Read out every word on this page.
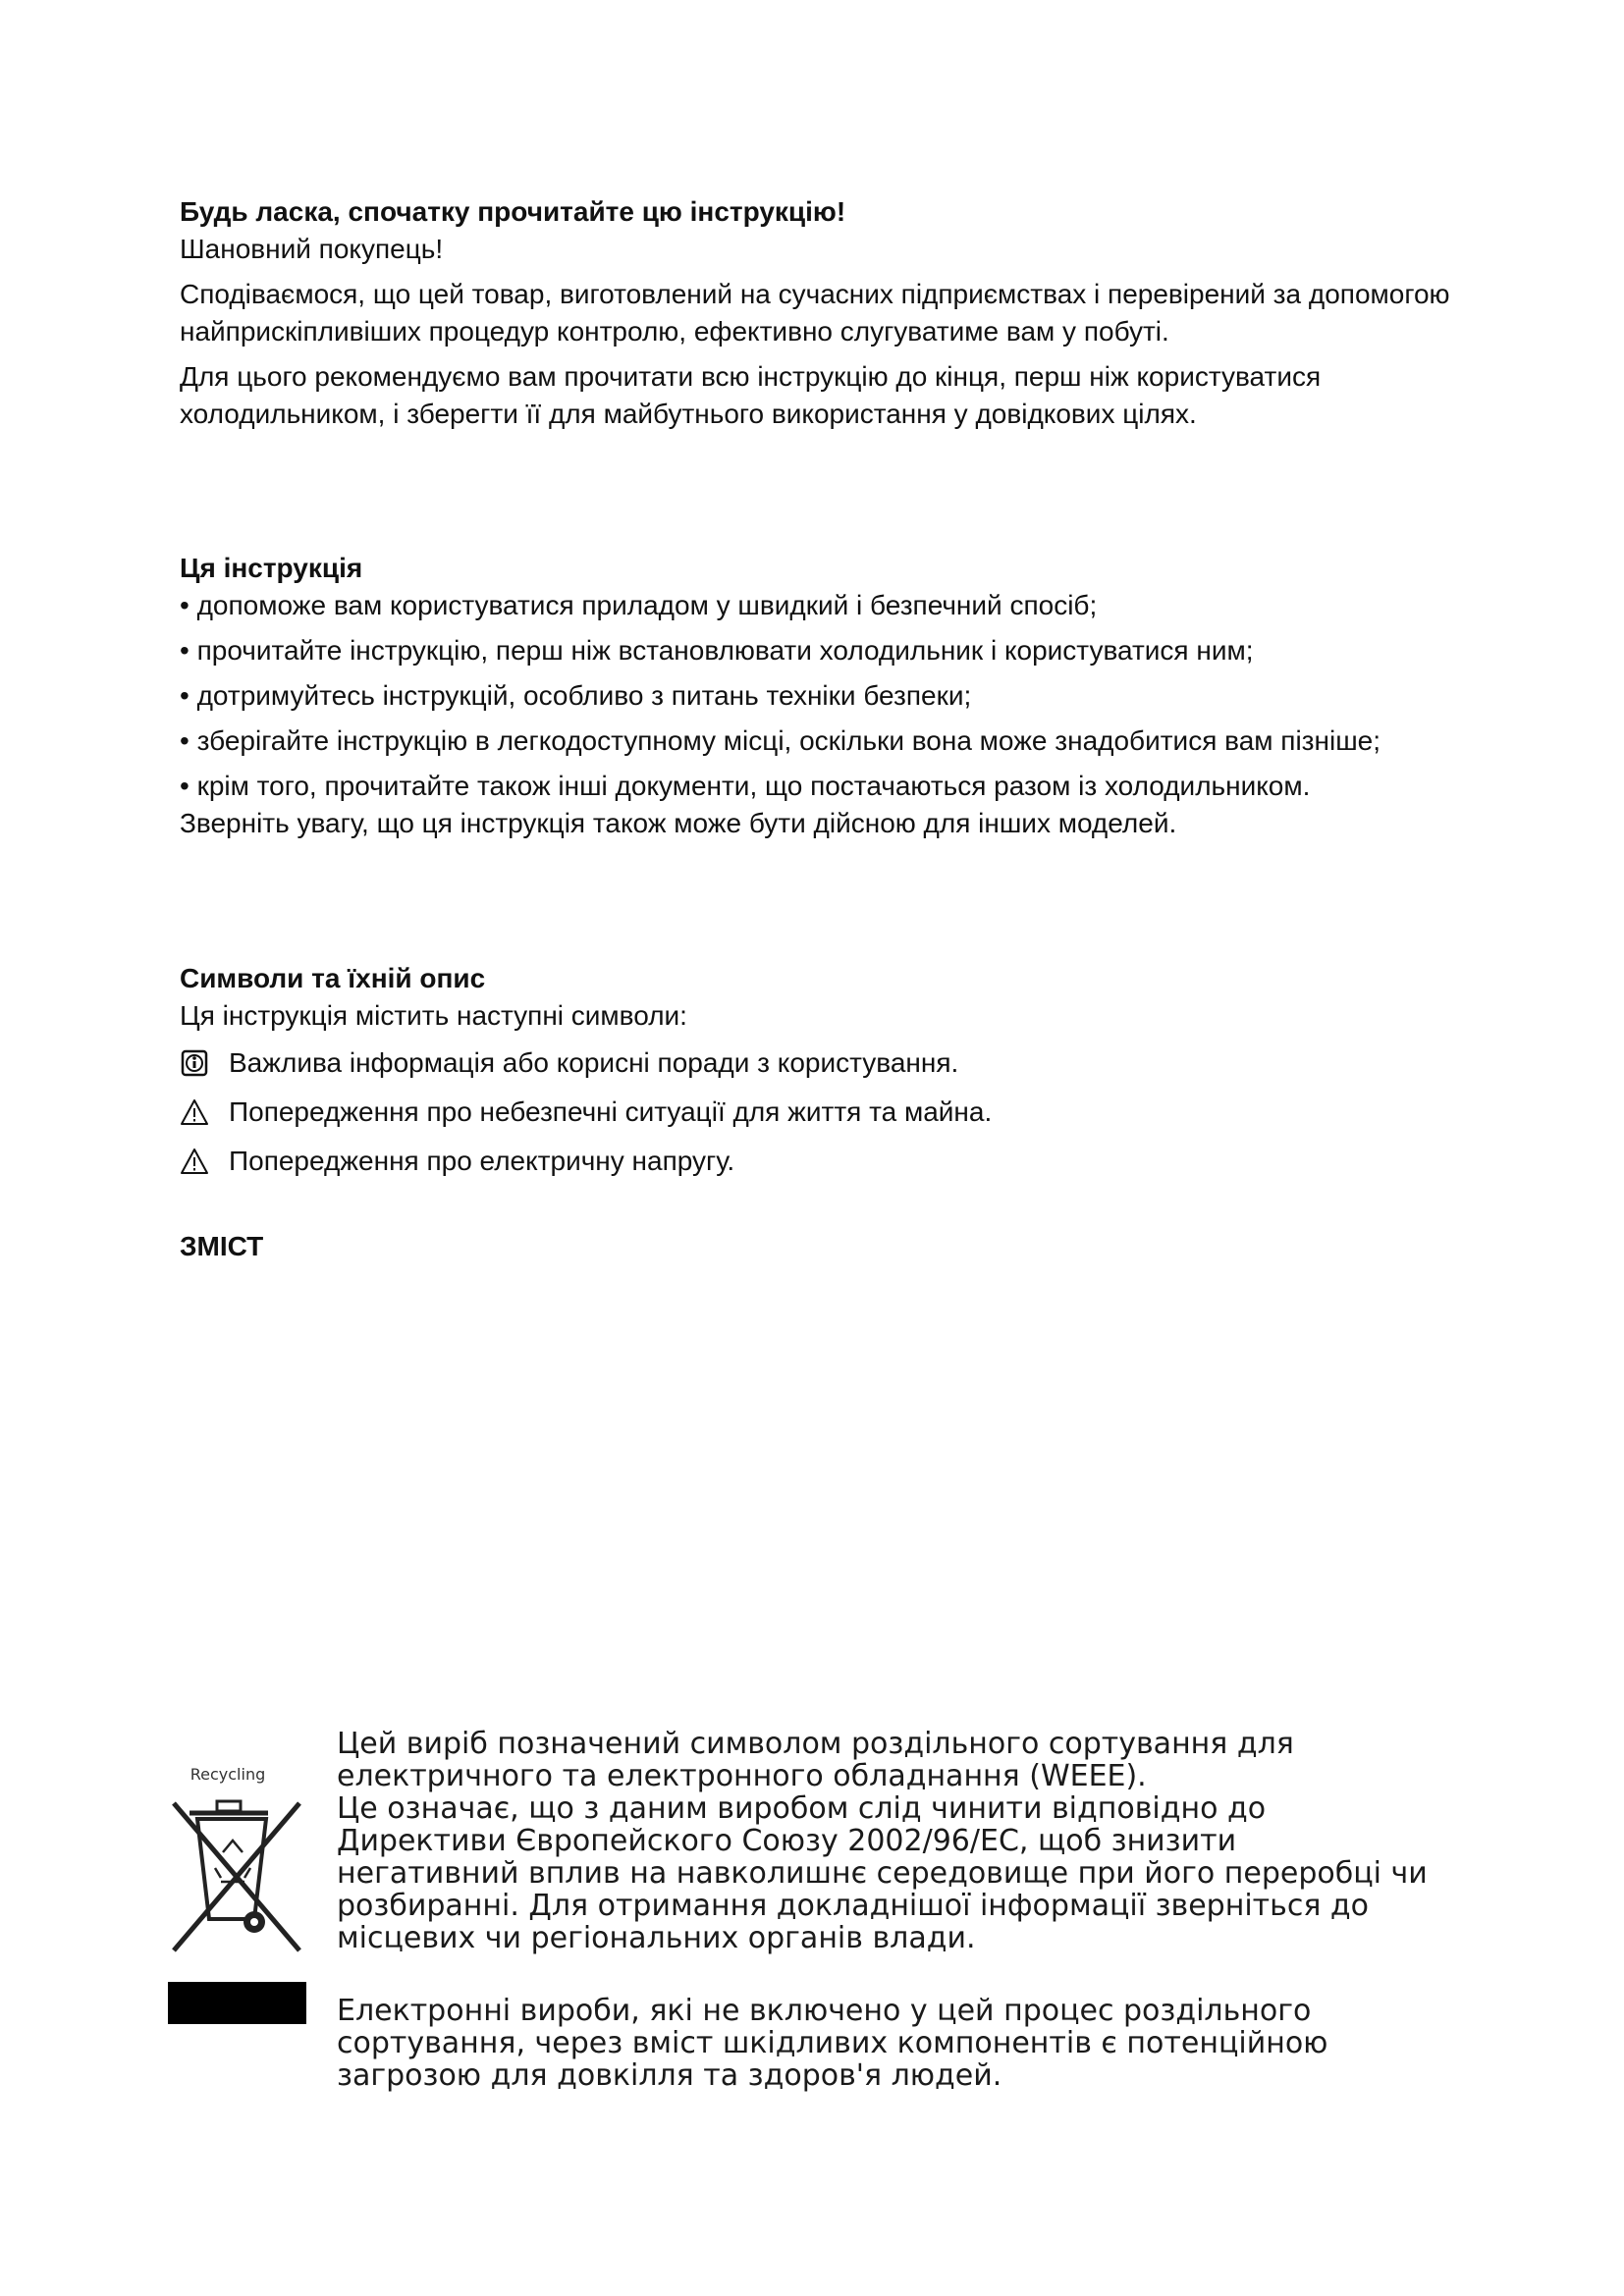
Будь ласка, спочатку прочитайте цю інструкцію!

Шановний покупець!

Сподіваємося, що цей товар, виготовлений на сучасних підприємствах і перевірений за допомогою найприскіпливіших процедур контролю, ефективно слугуватиме вам у побуті.

Для цього рекомендуємо вам прочитати всю інструкцію до кінця, перш ніж користуватися холодильником, і зберегти її для майбутнього використання у довідкових цілях.

Ця інструкція

• допоможе вам користуватися приладом у швидкий і безпечний спосіб;

• прочитайте інструкцію, перш ніж встановлювати холодильник і користуватися ним;

• дотримуйтесь інструкцій, особливо з питань техніки безпеки;

• зберігайте інструкцію в легкодоступному місці, оскільки вона може знадобитися вам пізніше;

• крім того, прочитайте також інші документи, що постачаються разом із холодильником.

Зверніть увагу, що ця інструкція також може бути дійсною для інших моделей.

Символи та їхній опис

Ця інструкція містить наступні символи:

Важлива інформація або корисні поради з користування.
Попередження про небезпечні ситуації для життя та майна.
Попередження про електричну напругу.

ЗМІСТ

Recycling

Цей виріб позначений символом роздільного сортування для

електричного та електронного обладнання (WEEE).

Це означає, що з даним виробом слід чинити відповідно до

Директиви Європейского Союзу 2002/96/EC, щоб знизити

негативний вплив на навколишнє середовище при його переробці чи

розбиранні. Для отримання докладнішої інформації зверніться до

місцевих чи регіональних органів влади.

Електронні вироби, які не включено у цей процес роздільного

сортування, через вміст шкідливих компонентів є потенційною

загрозою для довкілля та здоров'я людей.
